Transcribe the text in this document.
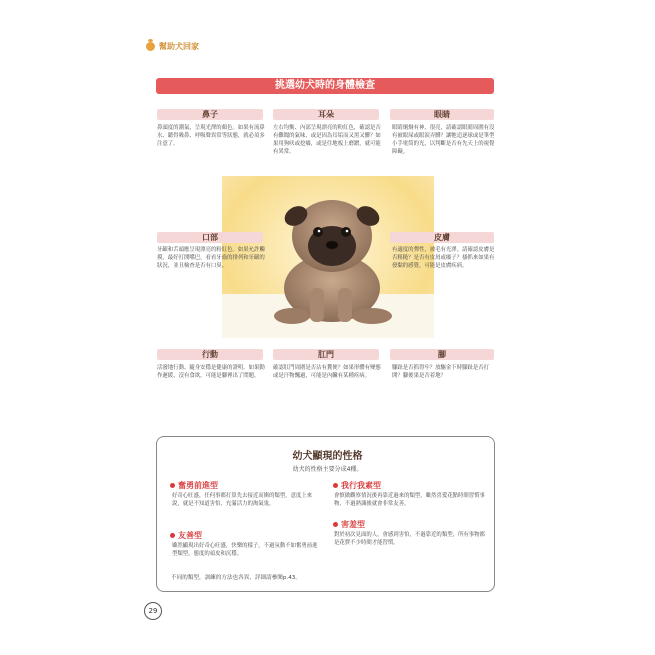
幫助犬回家
挑選幼犬時的身體檢查
鼻子
鼻頭度的潮氣，呈現光澤的顏色。如果有流鼻水、聽得吸鼻、呼吸聲異常等狀態，就必須多注意了。
耳朵
左右均衡、內部呈現漂亮的粉紅色，確認是否有難聞的氣味，或是因為耳垢而又黑又髒？如果用狗吠或挖癢，或是往地板上磨蹭，就可能有異常。
眼睛
眼睛炯炯有神、很亮，請確認眼睛周圍有沒有被眼屎或眼淚弄髒？讓牠追逐球或是筆型小手電筒的光，以判斷是否有先天上的視覺障礙。
口部
牙齦和舌頭應呈現漂亮的粉紅色。如果允許觸摸，最好打開嘴巴，看看牙齒的排列和牙齦的狀況，並且檢查是否有口臭。
皮膚
有適度的彈性，被毛有光澤。請確認皮膚是否粗糙？是否有皮屑或癢子？搔抓來如果有發黏的感覺，可能是皮膚疾病。
行動
活潑地行動、隨身安穩是健康的證明。如果動作遲緩、沒有食欲，可能是腳裡出了問題。
肛門
確認肛門周圍是否沾有糞便？如果形體有變態或是汗物飄過，可能是內臟有某種疾病。
腳
腳趾是否抓得牢？放驅金下時腳趾是否打開？腳後果是否着地？
幼犬顯現的性格
幼犬的性格主要分成4種。
奮勇前進型
好奇心旺盛，任何事都打算先去接近而衝的類型。意度上來說，就是不知道害怕，充滿活力的淘氣鬼。
我行我素型
會慎做觀察情況後再靠近過來的類型。雖然喜愛花點時間習慣事物，不過熟識後就會非常友善。
友善型
雖然顯現出好奇心旺盛，快樂的樣子，不過氛動不如奮勇前進型類型，態度的頑皮和沉穩。
害羞型
對於初次見面的人，會感到害怕，不過靠近的類型，所有事物都是花費不少時間才能習慣。
不同的類型，訓練的方法也各異，詳細請參閱p.43。
29
